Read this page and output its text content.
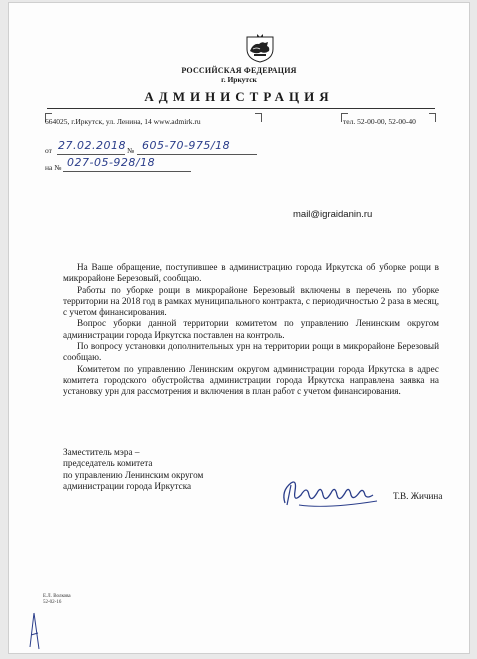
РОССИЙСКАЯ ФЕДЕРАЦИЯ
г. Иркутск
АДМИНИСТРАЦИЯ
664025, г.Иркутск, ул. Ленина, 14 www.admirk.ru	тел. 52-00-00, 52-00-40
от 27.02.2018 № 605-70-975/18
на № 027-05-928/18
mail@igraidanin.ru

На Ваше обращение, поступившее в администрацию города Иркутска об уборке рощи в микрорайоне Березовый, сообщаю.

Работы по уборке рощи в микрорайоне Березовый включены в перечень по уборке территории на 2018 год в рамках муниципального контракта, с периодичностью 2 раза в месяц, с учетом финансирования.

Вопрос уборки данной территории комитетом по управлению Ленинским округом администрации города Иркутска поставлен на контроль.

По вопросу установки дополнительных урн на территории рощи в микрорайоне Березовый сообщаю.

Комитетом по управлению Ленинским округом администрации города Иркутска в адрес комитета городского обустройства администрации города Иркутска направлена заявка на установку урн для рассмотрения и включения в план работ с учетом финансирования.

Заместитель мэра –
председатель комитета
по управлению Ленинским округом
администрации города Иркутска
Т.В. Жичина
Е.Л. Волкова
52-02-16
